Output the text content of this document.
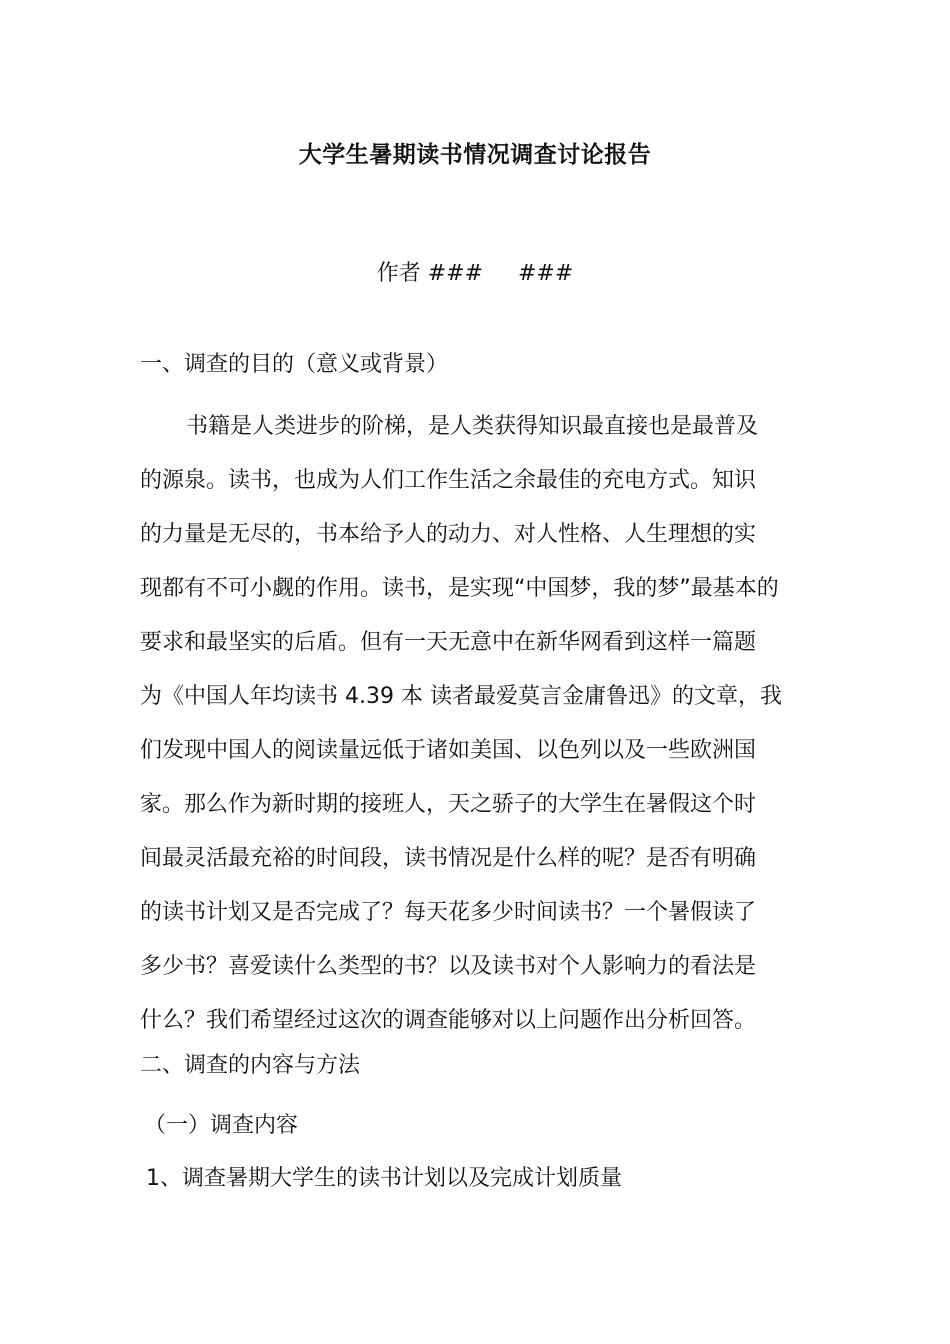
大学生暑期读书情况调查讨论报告
作者 ###     ###
一、调查的目的（意义或背景）
书籍是人类进步的阶梯，是人类获得知识最直接也是最普及
的源泉。读书，也成为人们工作生活之余最佳的充电方式。知识
的力量是无尽的，书本给予人的动力、对人性格、人生理想的实
现都有不可小觑的作用。读书，是实现“中国梦，我的梦”最基本的
要求和最坚实的后盾。但有一天无意中在新华网看到这样一篇题
为《中国人年均读书 4.39 本 读者最爱莫言金庸鲁迅》的文章，我
们发现中国人的阅读量远低于诸如美国、以色列以及一些欧洲国
家。那么作为新时期的接班人，天之骄子的大学生在暑假这个时
间最灵活最充裕的时间段，读书情况是什么样的呢？是否有明确
的读书计划又是否完成了？每天花多少时间读书？一个暑假读了
多少书？喜爱读什么类型的书？以及读书对个人影响力的看法是
什么？我们希望经过这次的调查能够对以上问题作出分析回答。
二、调查的内容与方法
（一）调查内容
1、调查暑期大学生的读书计划以及完成计划质量
